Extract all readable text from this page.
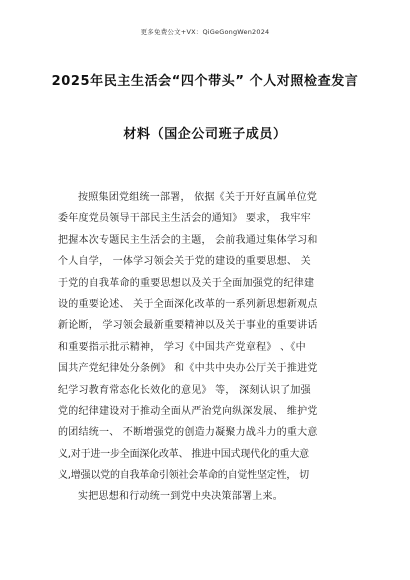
更多免费公文+VX：QiGeGongWen2024
2025年民主生活会“四个带头” 个人对照检查发言
材料（国企公司班子成员）
按照集团党组统一部署， 依据《关于开好直属单位党
委年度党员领导干部民主生活会的通知》 要求， 我牢牢
把握本次专题民主生活会的主题， 会前我通过集体学习和
个人自学， 一体学习领会关于党的建设的重要思想、 关
于党的自我革命的重要思想以及关于全面加强党的纪律建
设的重要论述、 关于全面深化改革的一系列新思想新观点
新论断， 学习领会最新重要精神以及关于事业的重要讲话
和重要指示批示精神， 学习《中国共产党章程》 、《中
国共产党纪律处分条例》 和《中共中央办公厅关于推进党
纪学习教育常态化长效化的意见》 等， 深刻认识了加强
党的纪律建设对于推动全面从严治党向纵深发展、 维护党
的团结统一、 不断增强党的创造力凝聚力战斗力的重大意
义,对于进一步全面深化改革、 推进中国式现代化的重大意
义,增强以党的自我革命引领社会革命的自觉性坚定性， 切
实把思想和行动统一到党中央决策部署上来。
